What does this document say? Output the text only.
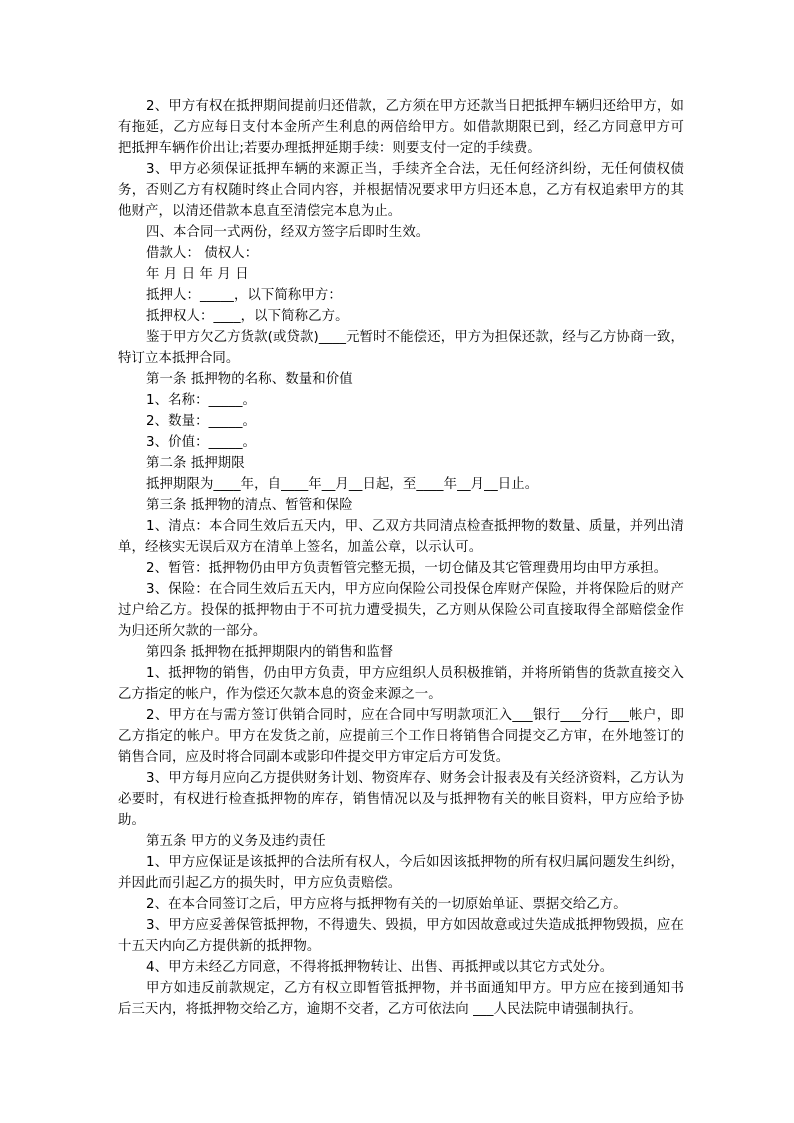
2、甲方有权在抵押期间提前归还借款，乙方须在甲方还款当日把抵押车辆归还给甲方，如有拖延，乙方应每日支付本金所产生利息的两倍给甲方。如借款期限已到，经乙方同意甲方可把抵押车辆作价出让;若要办理抵押延期手续：则要支付一定的手续费。

3、甲方必须保证抵押车辆的来源正当，手续齐全合法，无任何经济纠纷，无任何债权债务，否则乙方有权随时终止合同内容，并根据情况要求甲方归还本息，乙方有权追索甲方的其他财产，以清还借款本息直至清偿完本息为止。

四、本合同一式两份，经双方签字后即时生效。

借款人： 债权人：

年 月 日 年 月 日

抵押人：_____，以下简称甲方：

抵押权人：____，以下简称乙方。

鉴于甲方欠乙方货款(或贷款)____元暂时不能偿还，甲方为担保还款，经与乙方协商一致，特订立本抵押合同。

第一条 抵押物的名称、数量和价值

1、名称：_____。

2、数量：_____。

3、价值：_____。

第二条 抵押期限

抵押期限为____年，自____年__月__日起，至____年__月__日止。

第三条 抵押物的清点、暂管和保险

1、清点：本合同生效后五天内，甲、乙双方共同清点检查抵押物的数量、质量，并列出清单，经核实无误后双方在清单上签名，加盖公章，以示认可。

2、暂管：抵押物仍由甲方负责暂管完整无损，一切仓储及其它管理费用均由甲方承担。

3、保险：在合同生效后五天内，甲方应向保险公司投保仓库财产保险，并将保险后的财产过户给乙方。投保的抵押物由于不可抗力遭受损失，乙方则从保险公司直接取得全部赔偿金作为归还所欠款的一部分。

第四条 抵押物在抵押期限内的销售和监督

1、抵押物的销售，仍由甲方负责，甲方应组织人员积极推销，并将所销售的货款直接交入乙方指定的帐户，作为偿还欠款本息的资金来源之一。

2、甲方在与需方签订供销合同时，应在合同中写明款项汇入___银行___分行___帐户，即乙方指定的帐户。甲方在发货之前，应提前三个工作日将销售合同提交乙方审，在外地签订的销售合同，应及时将合同副本或影印件提交甲方审定后方可发货。

3、甲方每月应向乙方提供财务计划、物资库存、财务会计报表及有关经济资料，乙方认为必要时，有权进行检查抵押物的库存，销售情况以及与抵押物有关的帐目资料，甲方应给予协助。

第五条 甲方的义务及违约责任

1、甲方应保证是该抵押的合法所有权人，今后如因该抵押物的所有权归属问题发生纠纷，并因此而引起乙方的损失时，甲方应负责赔偿。

2、在本合同签订之后，甲方应将与抵押物有关的一切原始单证、票据交给乙方。

3、甲方应妥善保管抵押物，不得遗失、毁损，甲方如因故意或过失造成抵押物毁损，应在十五天内向乙方提供新的抵押物。

4、甲方未经乙方同意，不得将抵押物转让、出售、再抵押或以其它方式处分。

甲方如违反前款规定，乙方有权立即暂管抵押物，并书面通知甲方。甲方应在接到通知书后三天内，将抵押物交给乙方，逾期不交者，乙方可依法向 ___人民法院申请强制执行。
